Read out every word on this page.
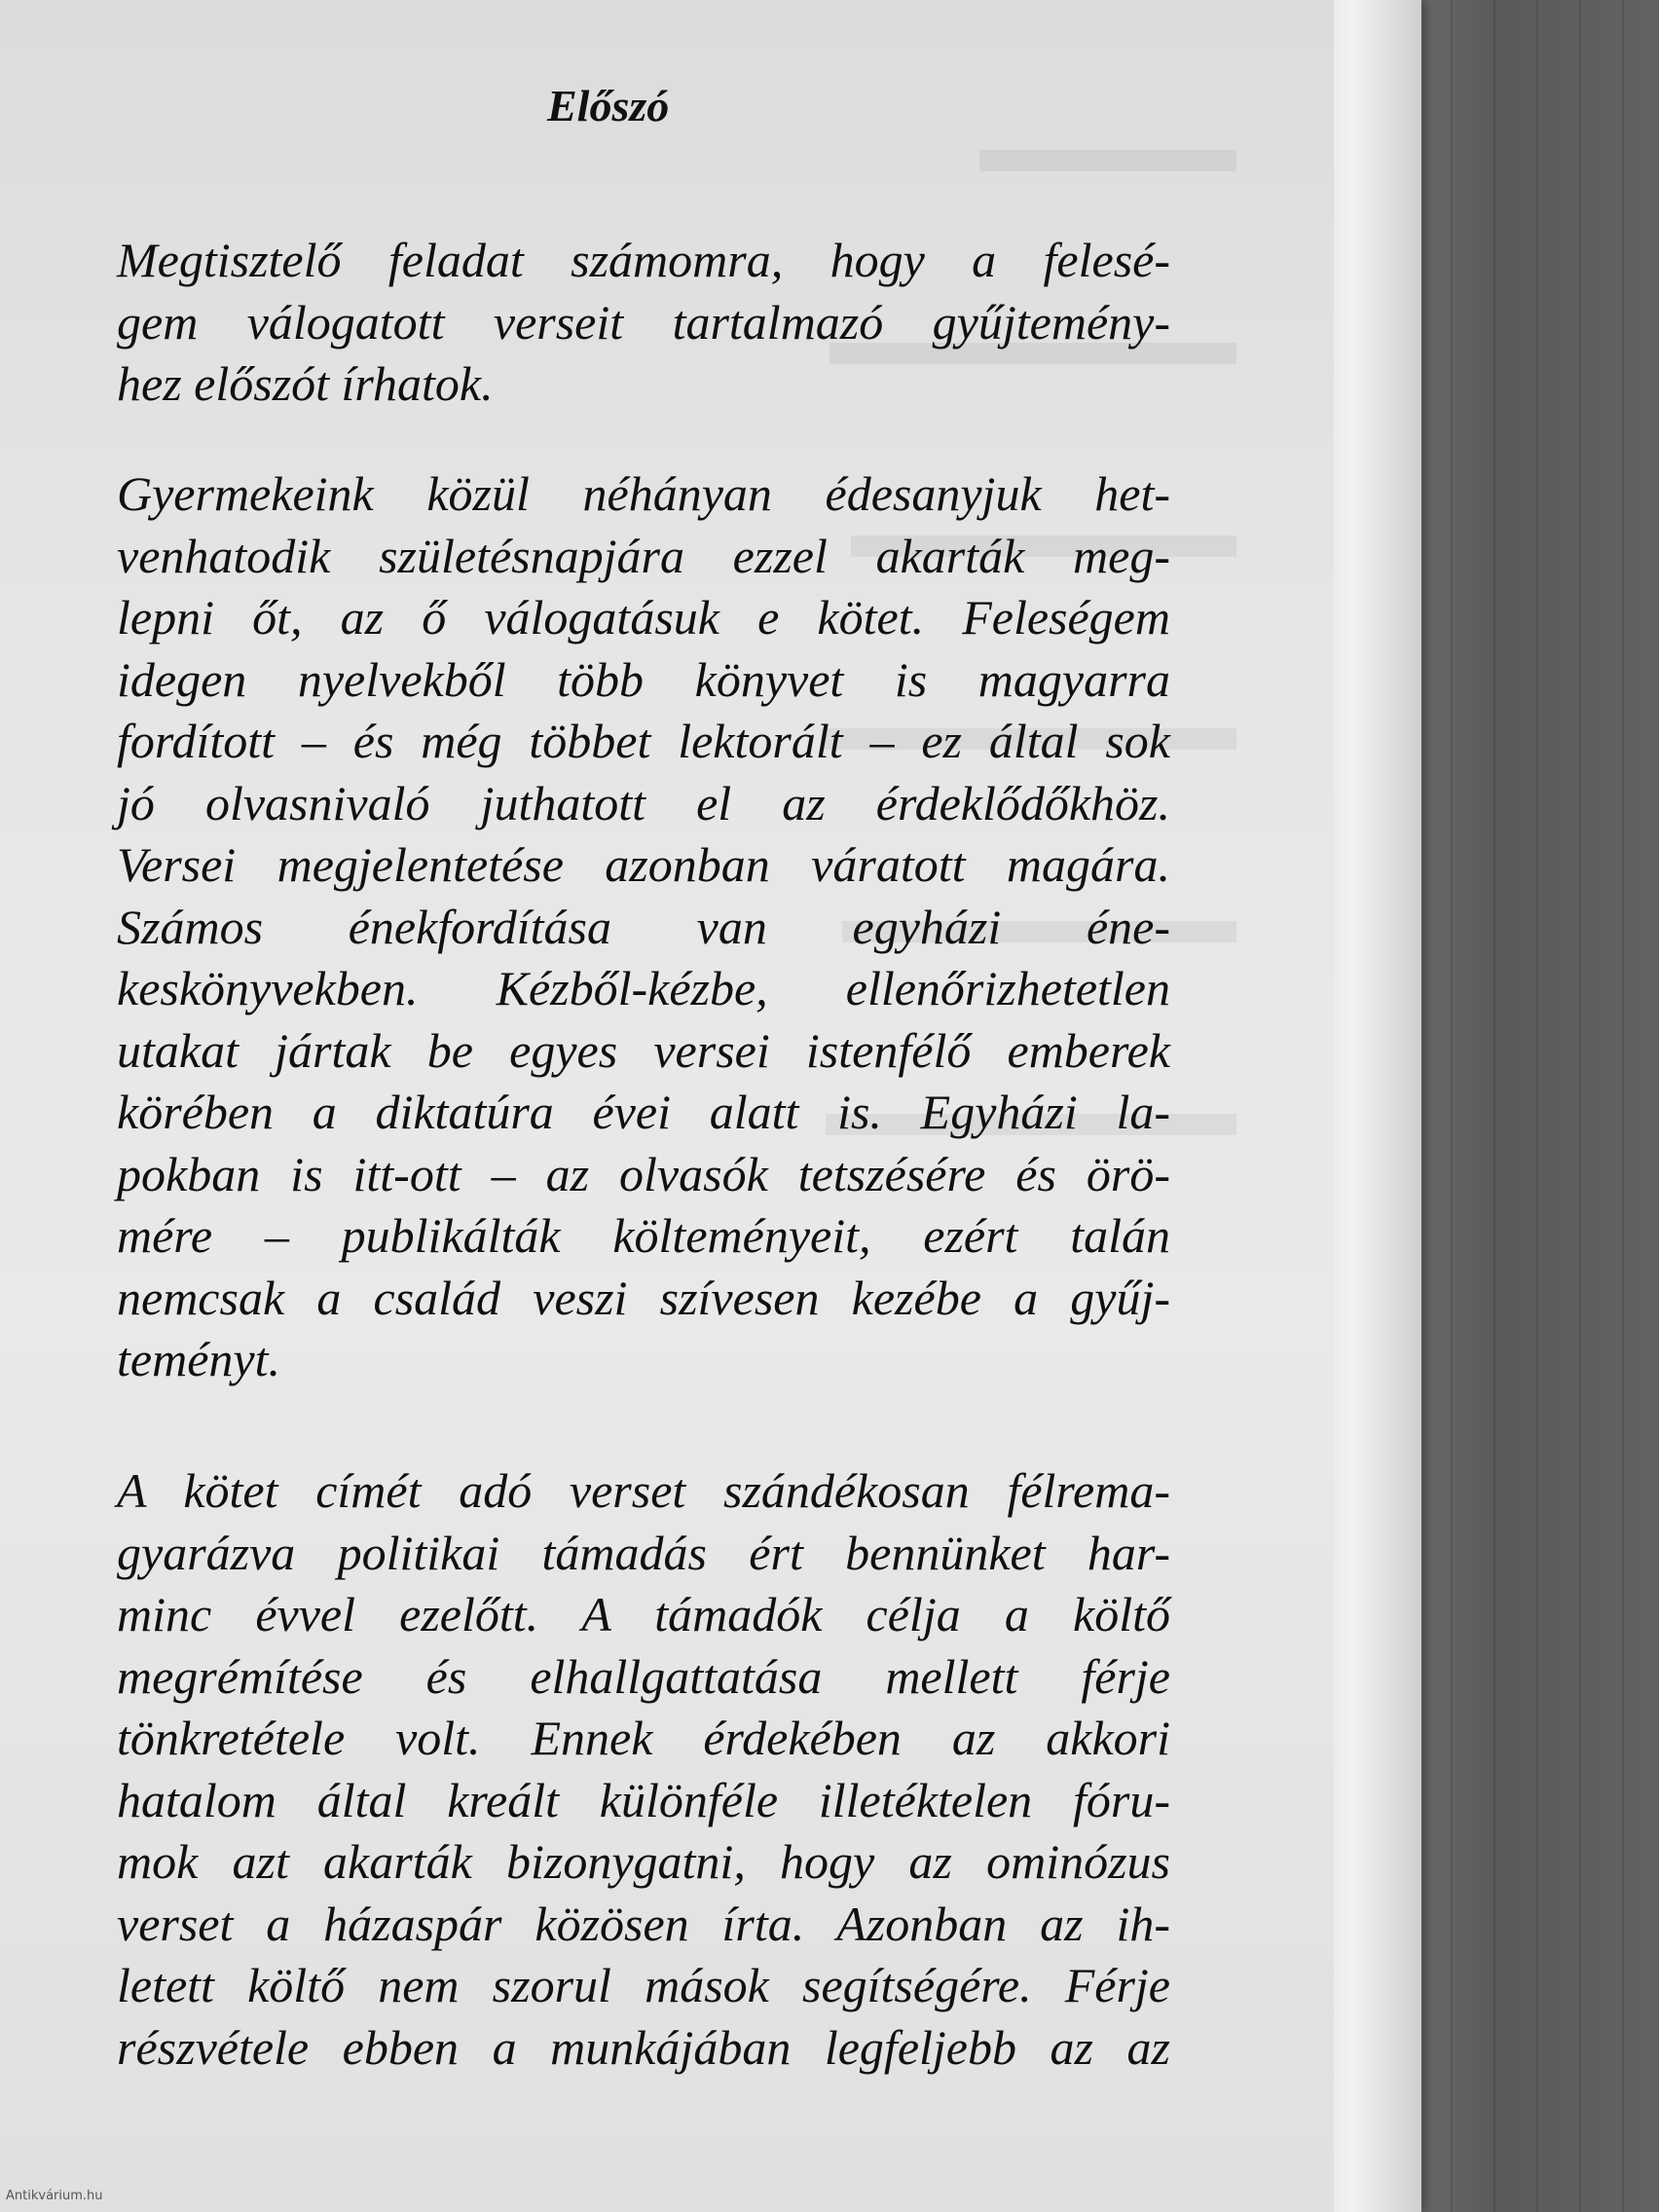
Előszó
Megtisztelő feladat számomra, hogy a felesé-
gem válogatott verseit tartalmazó gyűjtemény-
hez előszót írhatok.
Gyermekeink közül néhányan édesanyjuk het-
venhatodik születésnapjára ezzel akarták meg-
lepni őt, az ő válogatásuk e kötet. Feleségem
idegen nyelvekből több könyvet is magyarra
fordított – és még többet lektorált – ez által sok
jó olvasnivaló juthatott el az érdeklődőkhöz.
Versei megjelentetése azonban váratott magára.
Számos énekfordítása van egyházi éne-
keskönyvekben. Kézből-kézbe, ellenőrizhetetlen
utakat jártak be egyes versei istenfélő emberek
körében a diktatúra évei alatt is. Egyházi la-
pokban is itt-ott – az olvasók tetszésére és örö-
mére – publikálták költeményeit, ezért talán
nemcsak a család veszi szívesen kezébe a gyűj-
teményt.
A kötet címét adó verset szándékosan félrema-
gyarázva politikai támadás ért bennünket har-
minc évvel ezelőtt. A támadók célja a költő
megrémítése és elhallgattatása mellett férje
tönkretétele volt. Ennek érdekében az akkori
hatalom által kreált különféle illetéktelen fóru-
mok azt akarták bizonygatni, hogy az ominózus
verset a házaspár közösen írta. Azonban az ih-
letett költő nem szorul mások segítségére. Férje
részvétele ebben a munkájában legfeljebb az az
Antikvárium.hu
